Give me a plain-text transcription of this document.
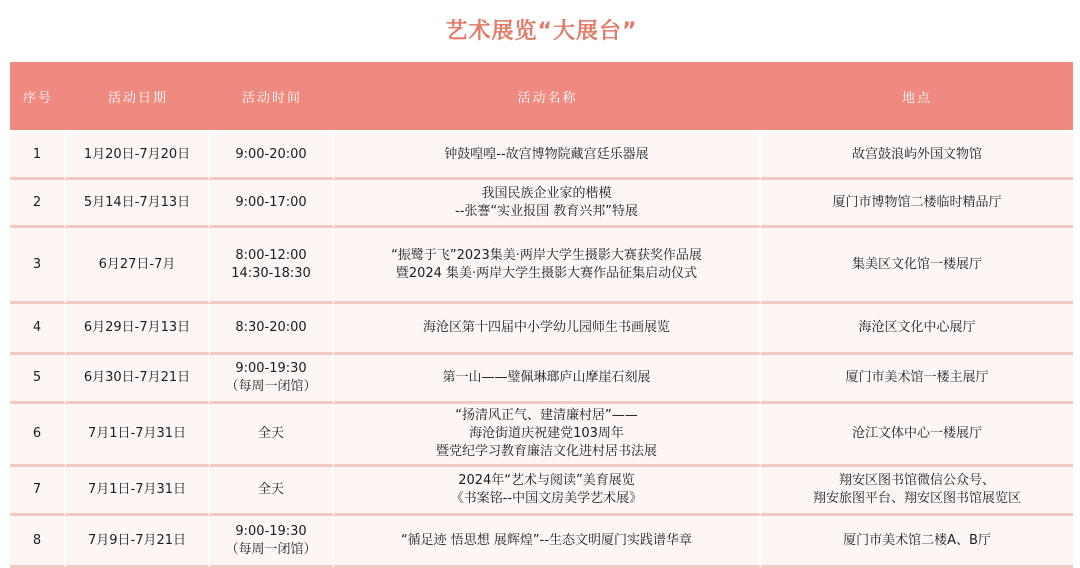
艺术展览“大展台”
序号	活动日期	活动时间	活动名称	地点

1	1月20日-7月20日	9:00-20:00	钟鼓喤喤--故宫博物院藏宫廷乐器展	故宫鼓浪屿外国文物馆

2	5月14日-7月13日	9:00-17:00	我国民族企业家的楷模
--张謇“实业报国 教育兴邦”特展	厦门市博物馆二楼临时精品厅

3	6月27日-7月	8:00-12:00
14:30-18:30	“振鹭于飞”2023集美·两岸大学生摄影大赛获奖作品展
暨2024 集美·两岸大学生摄影大赛作品征集启动仪式	集美区文化馆一楼展厅

4	6月29日-7月13日	8:30-20:00	海沧区第十四届中小学幼儿园师生书画展览	海沧区文化中心展厅

5	6月30日-7月21日	9:00-19:30
（每周一闭馆）	第一山——璧佩琳瑯庐山摩崖石刻展	厦门市美术馆一楼主展厅

6	7月1日-7月31日	全天	“扬清风正气、建清廉村居”——
海沧街道庆祝建党103周年
暨党纪学习教育廉洁文化进村居书法展	沧江文体中心一楼展厅

7	7月1日-7月31日	全天	2024年“艺术与阅读”美育展览
《书案铭--中国文房美学艺术展》	翔安区图书馆微信公众号、
翔安旅图平台、翔安区图书馆展览区

8	7月9日-7月21日	9:00-19:30
（每周一闭馆）	“循足迹 悟思想 展辉煌”--生态文明厦门实践谱华章	厦门市美术馆二楼A、B厅
